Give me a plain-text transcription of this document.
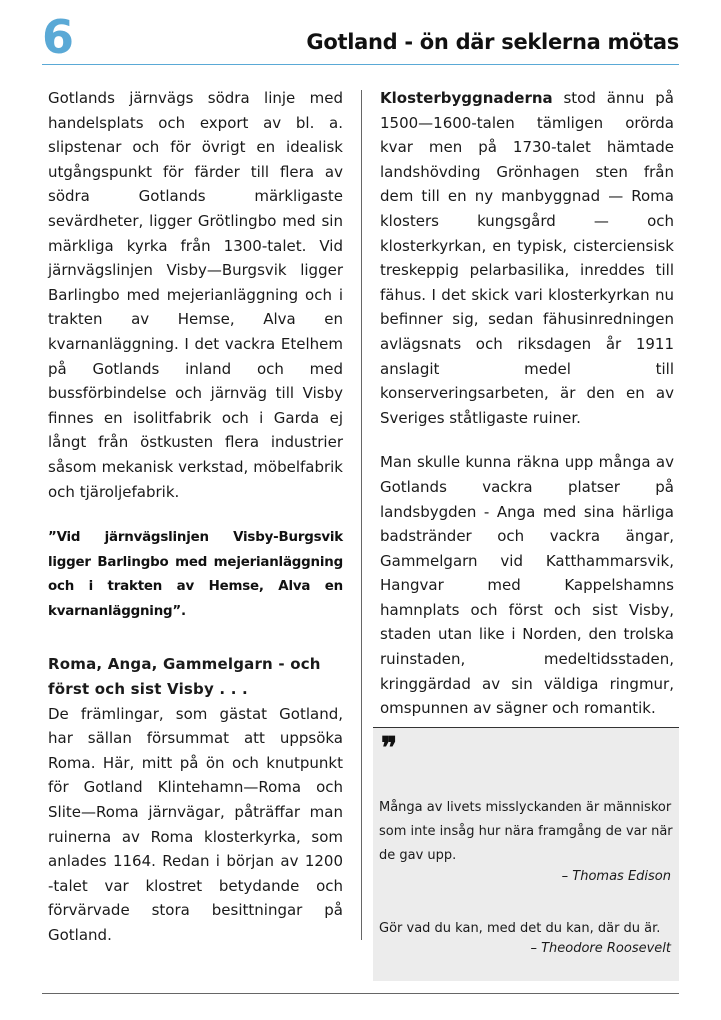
6	Gotland - ön där seklerna mötas

Gotlands järnvägs södra linje med handelsplats och export av bl. a. slipstenar och för övrigt en idealisk utgångspunkt för färder till flera av södra Gotlands märkligaste sevärdheter, ligger Grötlingbo med sin märkliga kyrka från 1300-talet. Vid järnvägslinjen Visby—Burgsvik ligger Barlingbo med mejerianläggning och i trakten av Hemse, Alva en kvarnanläggning. I det vackra Etelhem på Gotlands inland och med bussförbindelse och järnväg till Visby finnes en isolitfabrik och i Garda ej långt från östkusten flera industrier såsom mekanisk verkstad, möbelfabrik och tjäroljefabrik.

”Vid järnvägslinjen Visby-Burgsvik ligger Barlingbo med mejerianläggning och i trakten av Hemse, Alva en kvarnanläggning”.
Roma, Anga, Gammelgarn - och först och sist Visby . . .

De främlingar, som gästat Gotland, har sällan försummat att uppsöka Roma. Här, mitt på ön och knutpunkt för Gotland Klintehamn—Roma och Slite—Roma järnvägar, påträffar man ruinerna av Roma klosterkyrka, som anlades 1164. Redan i början av 1200 -talet var klostret betydande och förvärvade stora besittningar på Gotland.

Klosterbyggnaderna stod ännu på 1500—1600-talen tämligen orörda kvar men på 1730-talet hämtade landshövding Grönhagen sten från dem till en ny manbyggnad — Roma klosters kungsgård — och klosterkyrkan, en typisk, cisterciensisk treskeppig pelarbasilika, inreddes till fähus. I det skick vari klosterkyrkan nu befinner sig, sedan fähusinredningen avlägsnats och riksdagen år 1911 anslagit medel till konserveringsarbeten, är den en av Sveriges ståtligaste ruiner.

Man skulle kunna räkna upp många av Gotlands vackra platser på landsbygden - Anga med sina härliga badstränder och vackra ängar, Gammelgarn vid Katthammarsvik, Hangvar med Kappelshamns hamnplats och först och sist Visby, staden utan like i Norden, den trolska ruinstaden, medeltidsstaden, kringgärdad av sin väldiga ringmur, omspunnen av sägner och romantik.

❞
Många av livets misslyckanden är människor som inte insåg hur nära framgång de var när de gav upp.
– Thomas Edison
Gör vad du kan, med det du kan, där du är.
– Theodore Roosevelt
